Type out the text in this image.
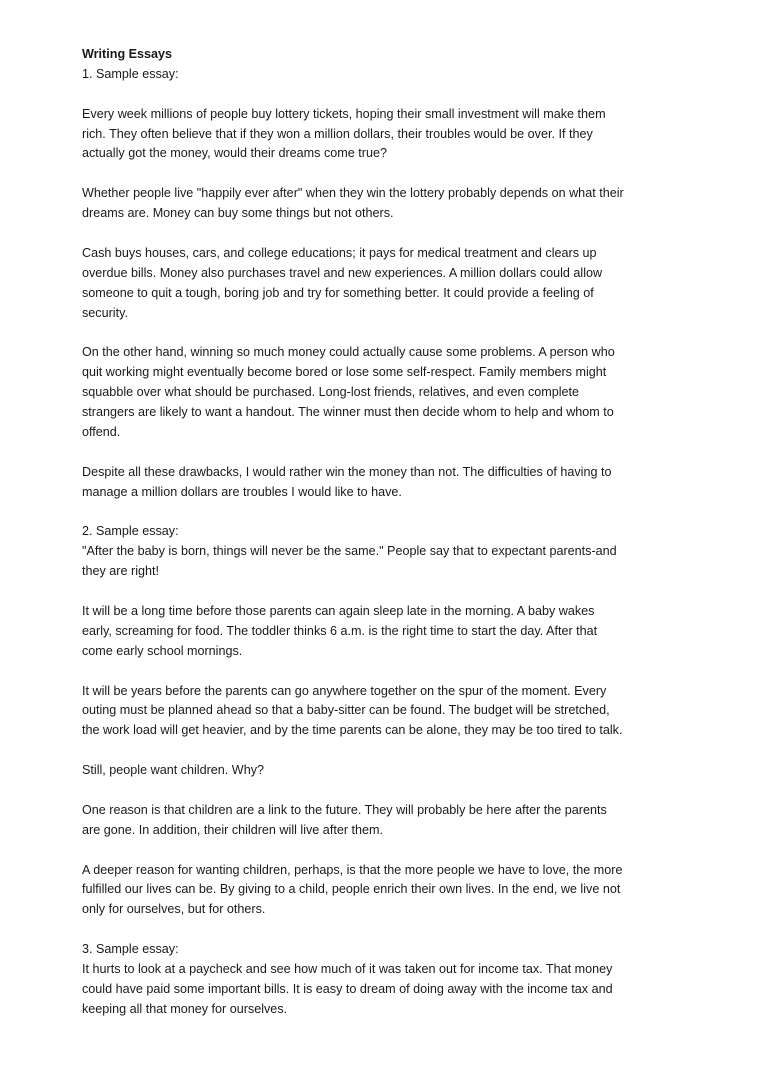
Writing Essays
1. Sample essay:
Every week millions of people buy lottery tickets, hoping their small investment will make them
rich. They often believe that if they won a million dollars, their troubles would be over. If they
actually got the money, would their dreams come true?
Whether people live "happily ever after" when they win the lottery probably depends on what their
dreams are. Money can buy some things but not others.
Cash buys houses, cars, and college educations; it pays for medical treatment and clears up
overdue bills. Money also purchases travel and new experiences. A million dollars could allow
someone to quit a tough, boring job and try for something better. It could provide a feeling of
security.
On the other hand, winning so much money could actually cause some problems. A person who
quit working might eventually become bored or lose some self-respect. Family members might
squabble over what should be purchased. Long-lost friends, relatives, and even complete
strangers are likely to want a handout. The winner must then decide whom to help and whom to
offend.
Despite all these drawbacks, I would rather win the money than not. The difficulties of having to
manage a million dollars are troubles I would like to have.
2. Sample essay:
"After the baby is born, things will never be the same." People say that to expectant parents-and
they are right!
It will be a long time before those parents can again sleep late in the morning. A baby wakes
early, screaming for food. The toddler thinks 6 a.m. is the right time to start the day. After that
come early school mornings.
It will be years before the parents can go anywhere together on the spur of the moment. Every
outing must be planned ahead so that a baby-sitter can be found. The budget will be stretched,
the work load will get heavier, and by the time parents can be alone, they may be too tired to talk.
Still, people want children. Why?
One reason is that children are a link to the future. They will probably be here after the parents
are gone. In addition, their children will live after them.
A deeper reason for wanting children, perhaps, is that the more people we have to love, the more
fulfilled our lives can be. By giving to a child, people enrich their own lives. In the end, we live not
only for ourselves, but for others.
3. Sample essay:
It hurts to look at a paycheck and see how much of it was taken out for income tax. That money
could have paid some important bills. It is easy to dream of doing away with the income tax and
keeping all that money for ourselves.
